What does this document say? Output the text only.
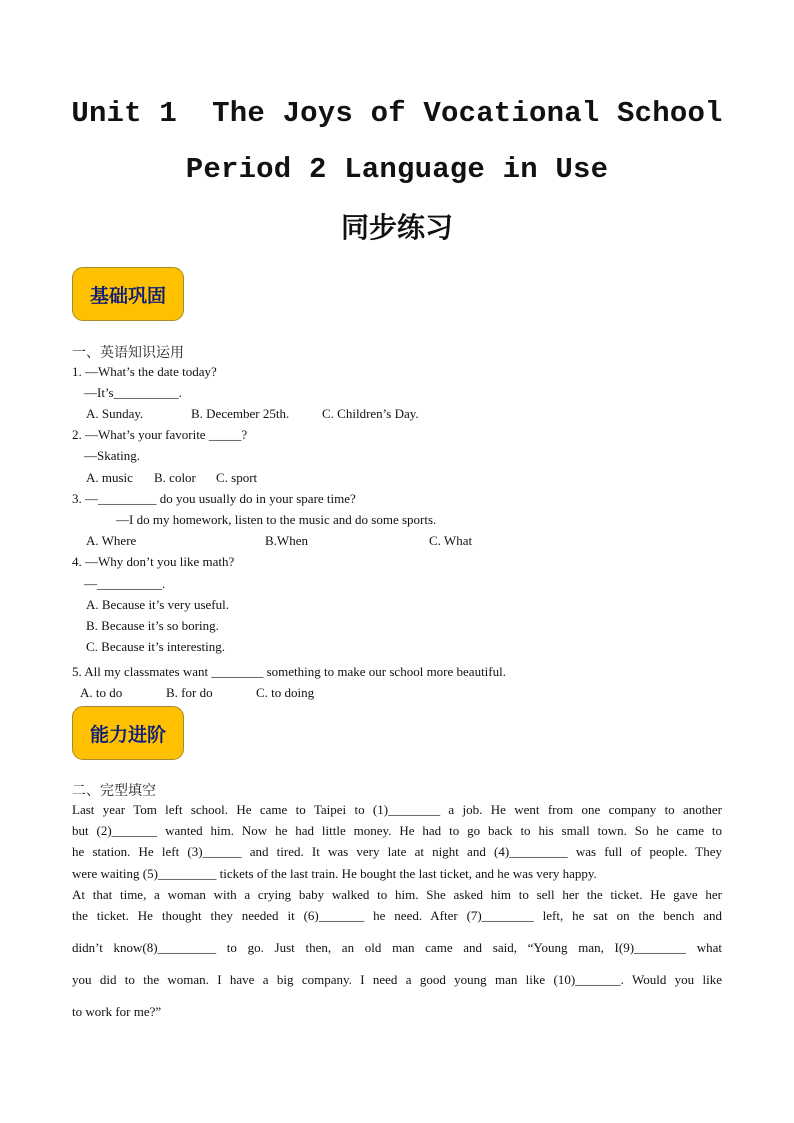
Unit 1  The Joys of Vocational School
Period 2 Language in Use
同步练习
基础巩固
一、英语知识运用
1. —What’s the date today?
—It’s__________.
A. Sunday.	B. December 25th.	C. Children’s Day.
2. —What’s your favorite _____?
—Skating.
A. music B. color C. sport
3. —_________ do you usually do in your spare time?
—I do my homework, listen to the music and do some sports.
A. Where	B.When	C. What
4. —Why don’t you like math?
—__________.
A. Because it’s very useful.
B. Because it’s so boring.
C. Because it’s interesting.
5. All my classmates want ________ something to make our school more beautiful.
A. to do	B. for do	C. to doing
能力进阶
二、完型填空
Last year Tom left school. He came to Taipei to (1)________ a job. He went from one company to another
but (2)_______ wanted him. Now he had little money. He had to go back to his small town. So he came to
he station. He left (3)______ and tired. It was very late at night and (4)_________ was full of people. They
were waiting (5)_________ tickets of the last train. He bought the last ticket, and he was very happy.
At that time, a woman with a crying baby walked to him. She asked him to sell her the ticket. He gave her
the ticket. He thought they needed it (6)_______ he need. After (7)________ left, he sat on the bench and
didn’t know(8)_________ to go. Just then, an old man came and said, “Young man, I(9)________ what
you did to the woman. I have a big company. I need a good young man like (10)_______. Would you like
to work for me?”
